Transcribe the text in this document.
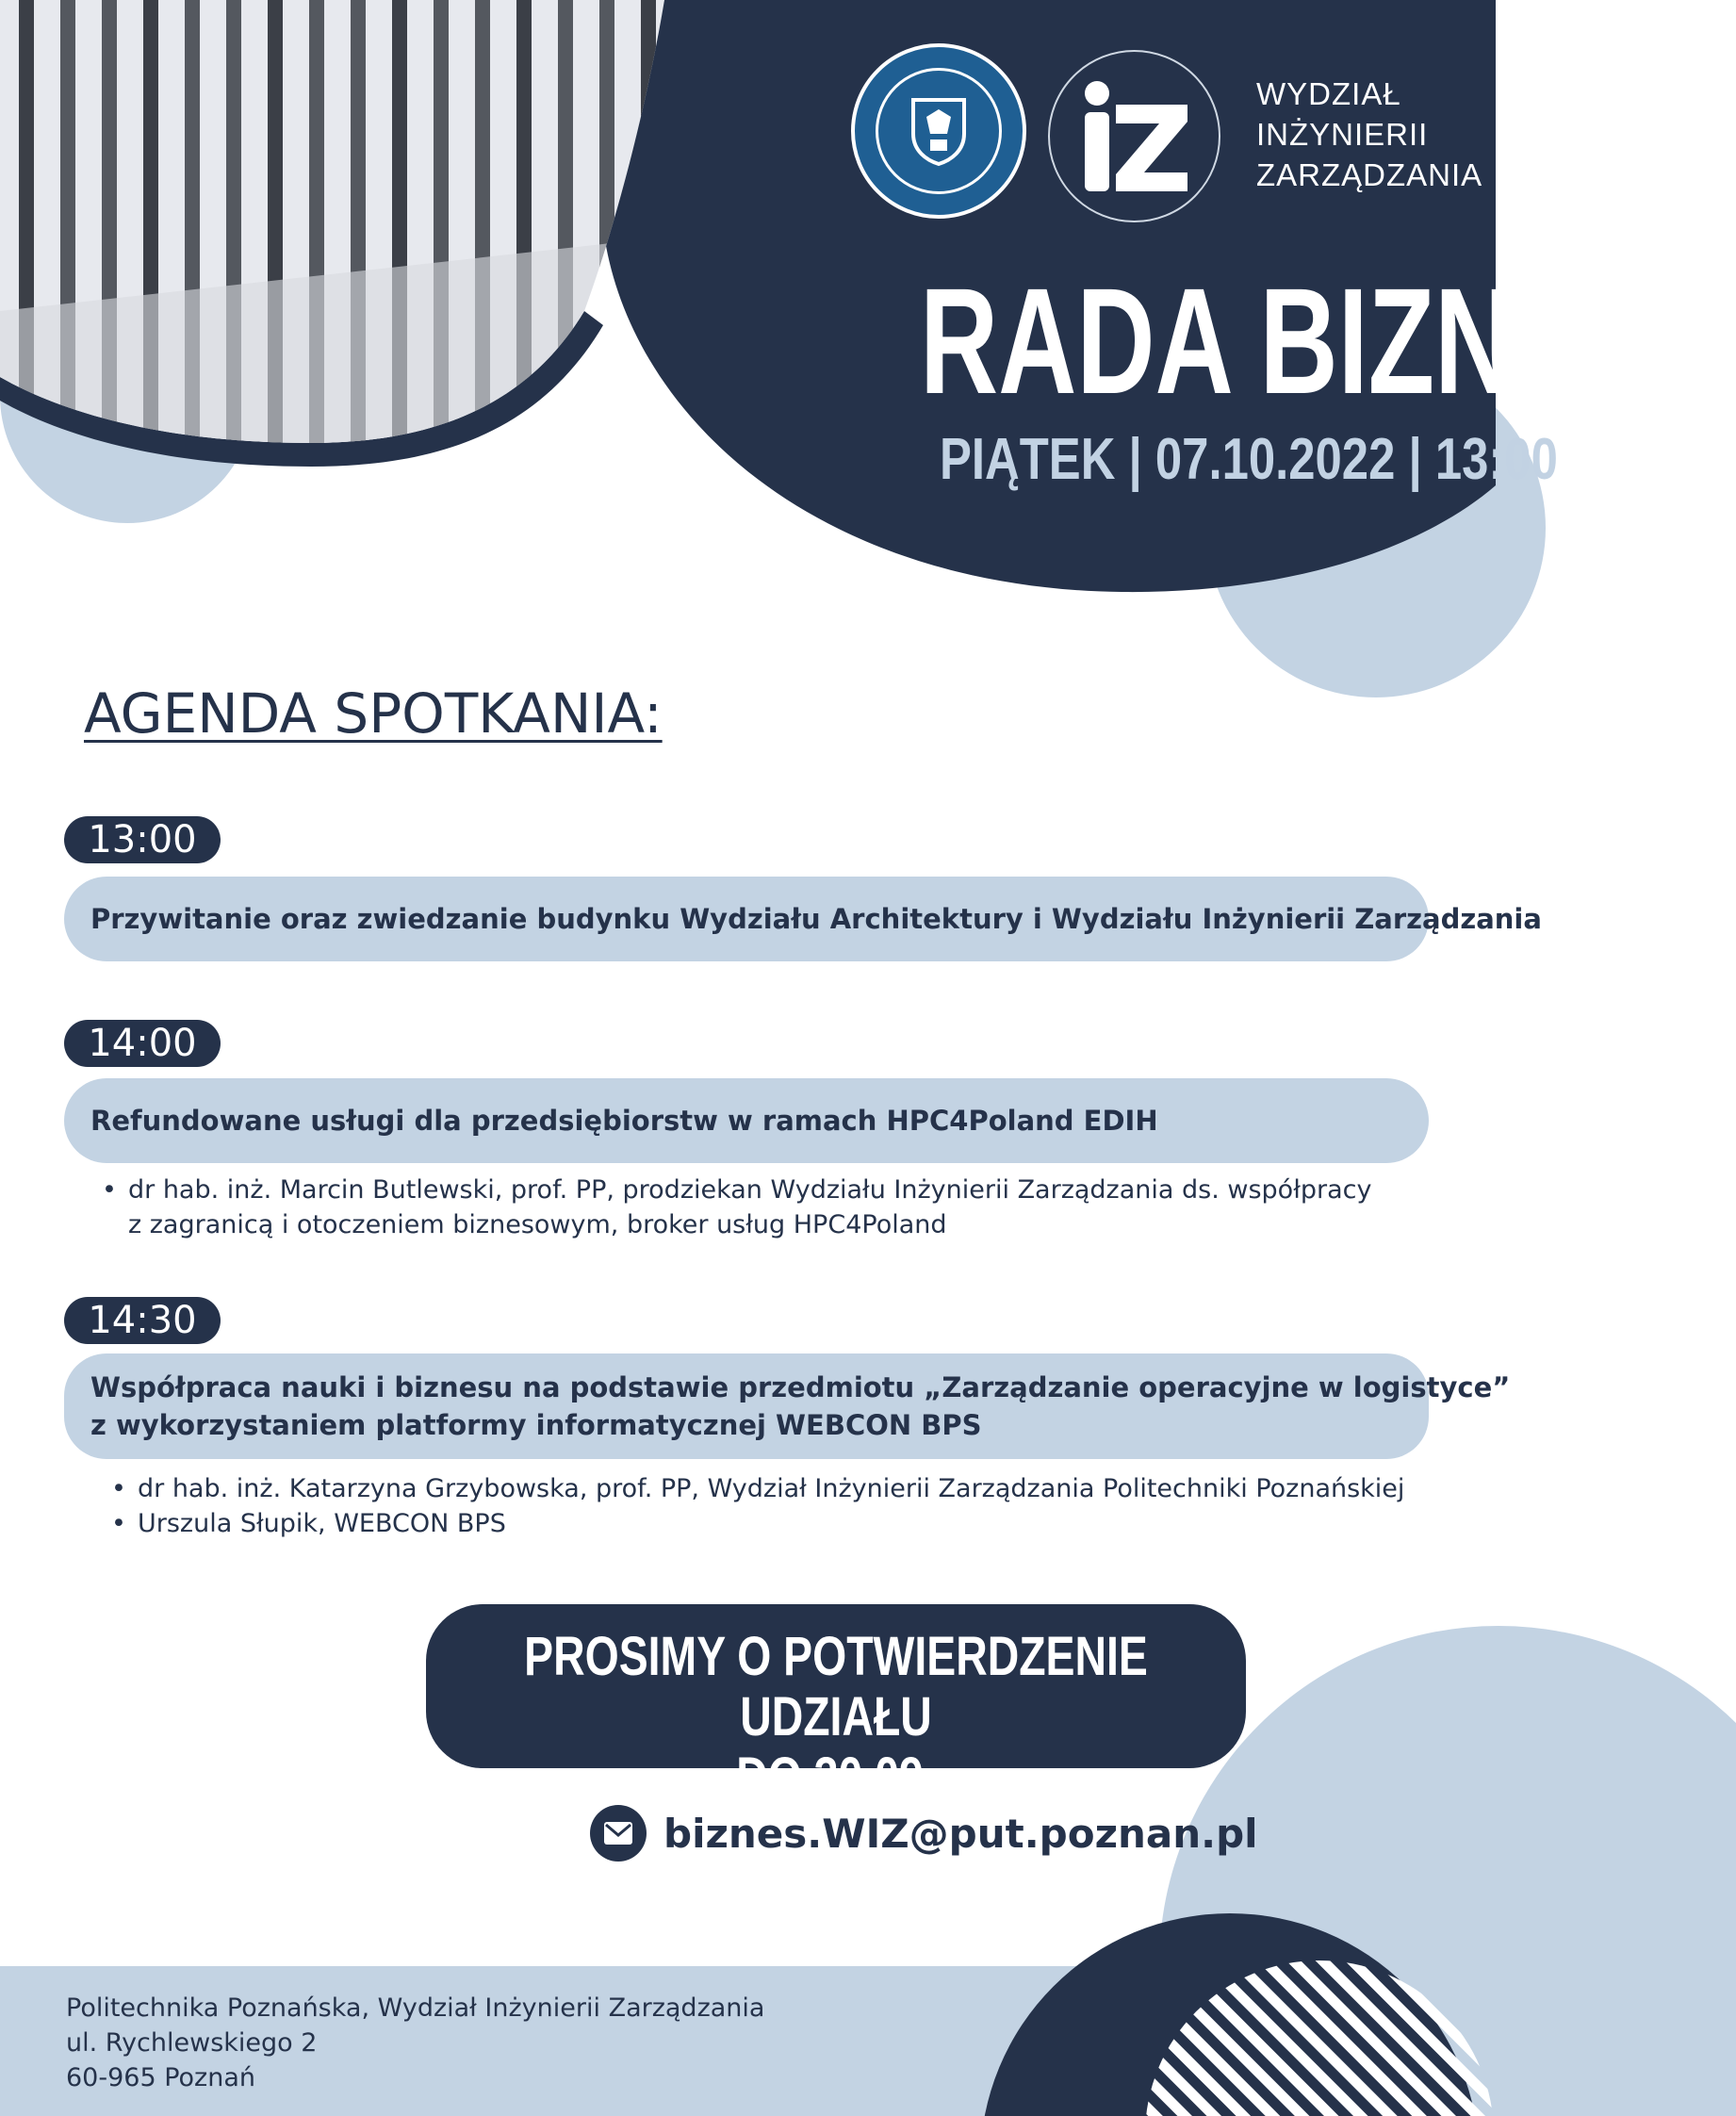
WYDZIAŁ
INŻYNIERII
ZARZĄDZANIA
RADA BIZNESU
PIĄTEK | 07.10.2022 | 13:00
AGENDA SPOTKANIA:
13:00
Przywitanie oraz zwiedzanie budynku Wydziału Architektury i Wydziału Inżynierii Zarządzania
14:00
Refundowane usługi dla przedsiębiorstw w ramach HPC4Poland EDIH
• dr hab. inż. Marcin Butlewski, prof. PP, prodziekan Wydziału Inżynierii Zarządzania ds. współpracy
z zagranicą i otoczeniem biznesowym, broker usług HPC4Poland
14:30
Współpraca nauki i biznesu na podstawie przedmiotu „Zarządzanie operacyjne w logistyce”
z wykorzystaniem platformy informatycznej WEBCON BPS
• dr hab. inż. Katarzyna Grzybowska, prof. PP, Wydział Inżynierii Zarządzania Politechniki Poznańskiej
• Urszula Słupik, WEBCON BPS
PROSIMY O POTWIERDZENIE UDZIAŁU
DO 30.09.
biznes.WIZ@put.poznan.pl
Politechnika Poznańska, Wydział Inżynierii Zarządzania
ul. Rychlewskiego 2
60-965 Poznań
